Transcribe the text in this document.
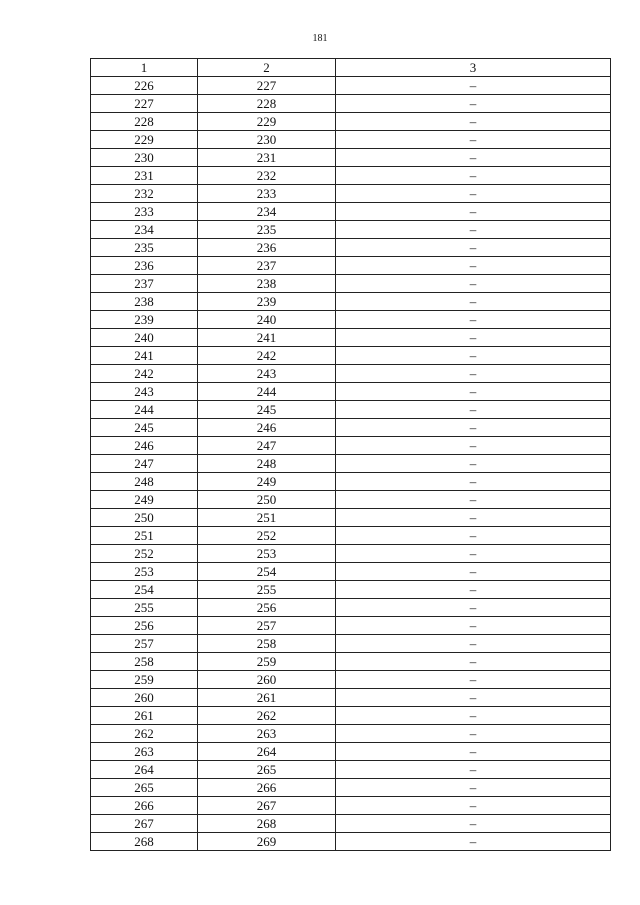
181
1	2	3
226	227	–
227	228	–
228	229	–
229	230	–
230	231	–
231	232	–
232	233	–
233	234	–
234	235	–
235	236	–
236	237	–
237	238	–
238	239	–
239	240	–
240	241	–
241	242	–
242	243	–
243	244	–
244	245	–
245	246	–
246	247	–
247	248	–
248	249	–
249	250	–
250	251	–
251	252	–
252	253	–
253	254	–
254	255	–
255	256	–
256	257	–
257	258	–
258	259	–
259	260	–
260	261	–
261	262	–
262	263	–
263	264	–
264	265	–
265	266	–
266	267	–
267	268	–
268	269	–
